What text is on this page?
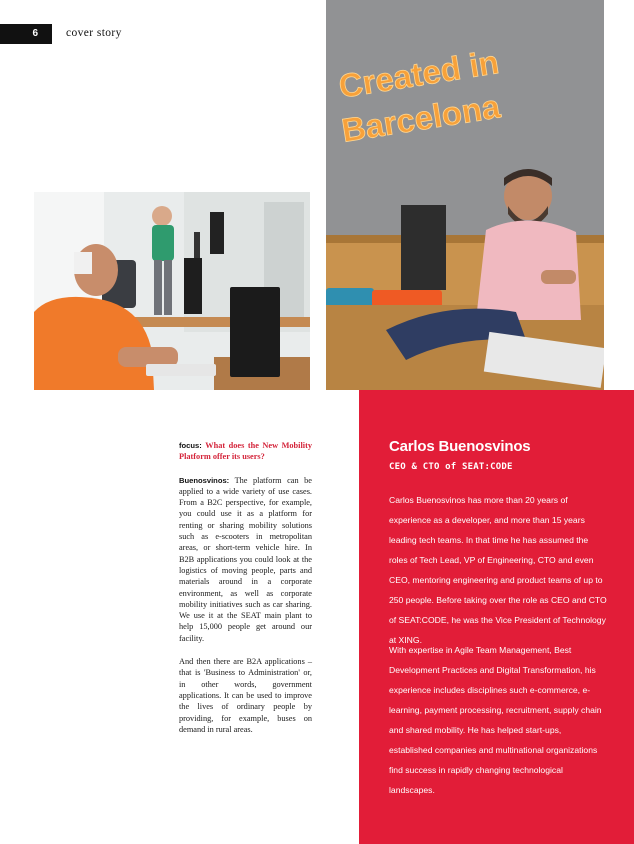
6	cover story
Created in
Barcelona

focus: What does the New Mobility Platform offer its users?

Buenosvinos: The platform can be applied to a wide variety of use cases. From a B2C perspective, for example, you could use it as a platform for renting or sharing mobility solutions such as e-scooters in metropolitan areas, or short-term vehicle hire. In B2B applications you could look at the logistics of moving people, parts and materials around in a corporate environment, as well as corporate mobility initiatives such as car sharing. We use it at the SEAT main plant to help 15,000 people get around our facility.

And then there are B2A applications – that is 'Business to Administration' or, in other words, government applications. It can be used to improve the lives of ordinary people by providing, for example, buses on demand in rural areas.

Carlos Buenosvinos
CEO & CTO of SEAT:CODE
Carlos Buenosvinos has more than 20 years of experience as a developer, and more than 15 years leading tech teams. In that time he has assumed the roles of Tech Lead, VP of Engineering, CTO and even CEO, mentoring engineering and product teams of up to 250 people. Before taking over the role as CEO and CTO of SEAT:CODE, he was the Vice President of Technology at XING.
With expertise in Agile Team Management, Best Development Practices and Digital Transformation, his experience includes disciplines such e-commerce, e-learning, payment processing, recruitment, supply chain and shared mobility. He has helped start-ups, established companies and multinational organizations find success in rapidly changing technological landscapes.
